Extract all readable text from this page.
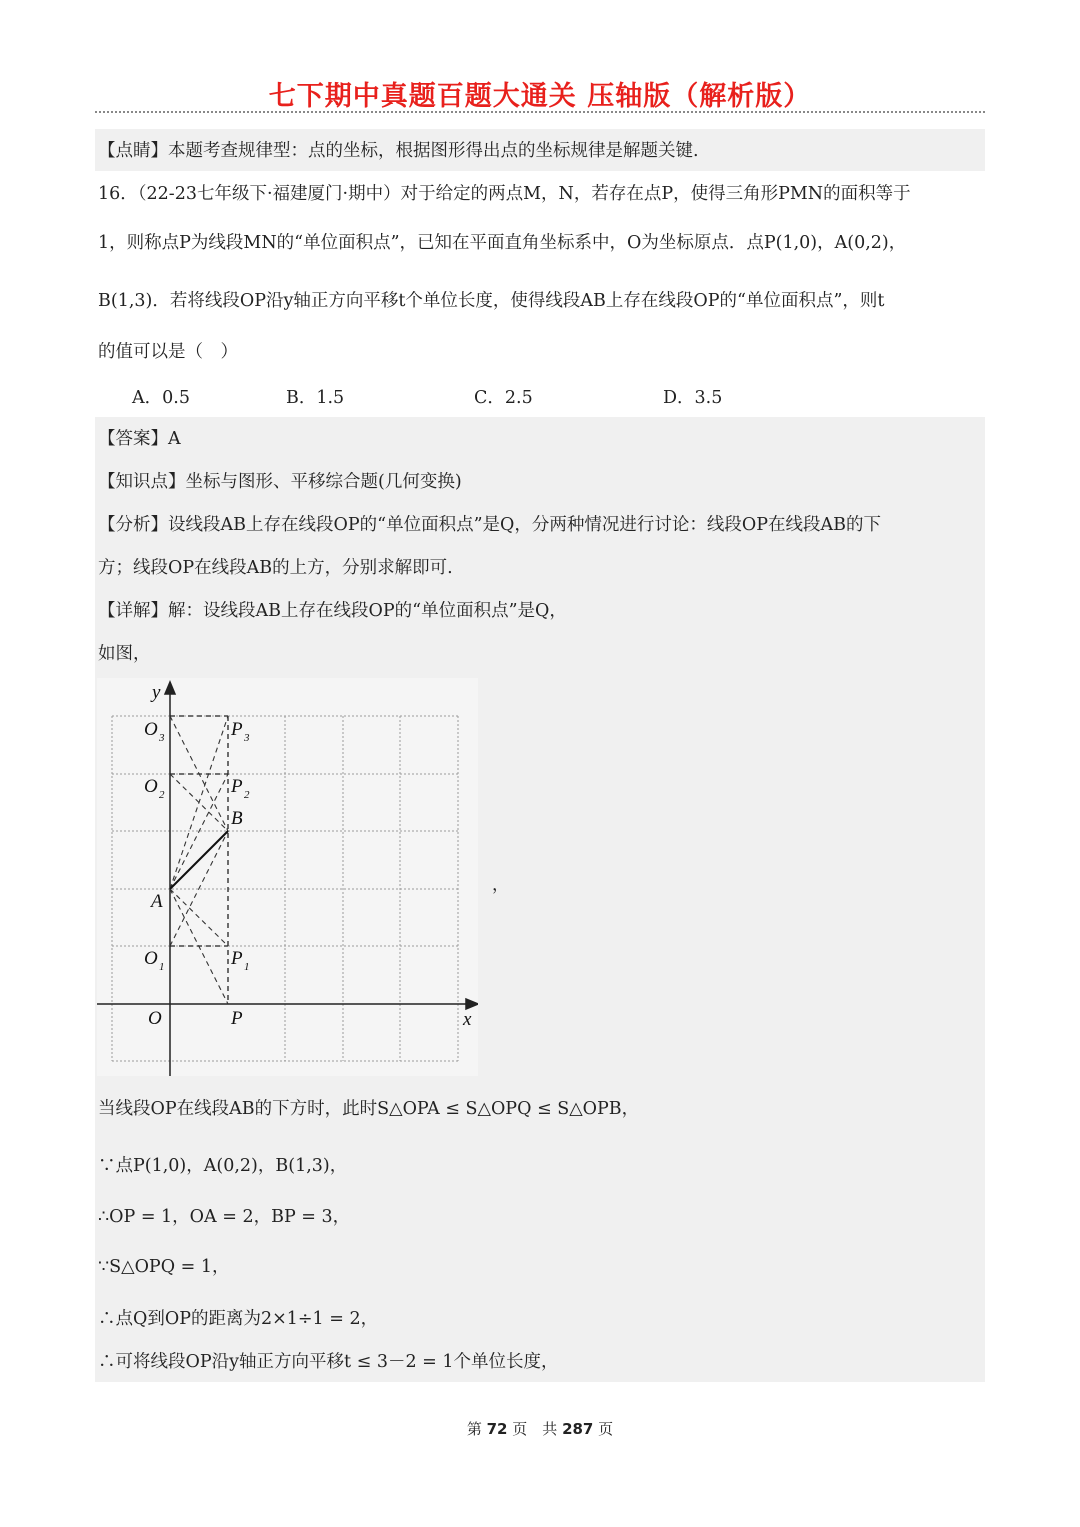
七下期中真题百题大通关 压轴版（解析版）
【点睛】本题考查规律型：点的坐标，根据图形得出点的坐标规律是解题关键.
16．（22-23七年级下·福建厦门·期中）对于给定的两点M，N，若存在点P，使得三角形PMN的面积等于
1，则称点P为线段MN的“单位面积点”，已知在平面直角坐标系中，O为坐标原点．点P(1,0)，A(0,2)，
B(1,3)．若将线段OP沿y轴正方向平移t个单位长度，使得线段AB上存在线段OP的“单位面积点”，则t
的值可以是（　）
A．0.5	B．1.5	C．2.5	D．3.5
【答案】A
【知识点】坐标与图形、平移综合题(几何变换)
【分析】设线段AB上存在线段OP的“单位面积点”是Q，分两种情况进行讨论：线段OP在线段AB的下
方；线段OP在线段AB的上方，分别求解即可.
【详解】解：设线段AB上存在线段OP的“单位面积点”是Q，
如图，
y
x
O
O 1
O 2
O 3
P
P 1
P 2
P 3
A
B
，
当线段OP在线段AB的下方时，此时S△OPA ≤ S△OPQ ≤ S△OPB，
∵点P(1,0)，A(0,2)，B(1,3)，
∴OP = 1，OA = 2，BP = 3，
∵S△OPQ = 1，
∴点Q到OP的距离为2×1÷1 = 2，
∴可将线段OP沿y轴正方向平移t ≤ 3－2 = 1个单位长度，
第 72 页　共 287 页
